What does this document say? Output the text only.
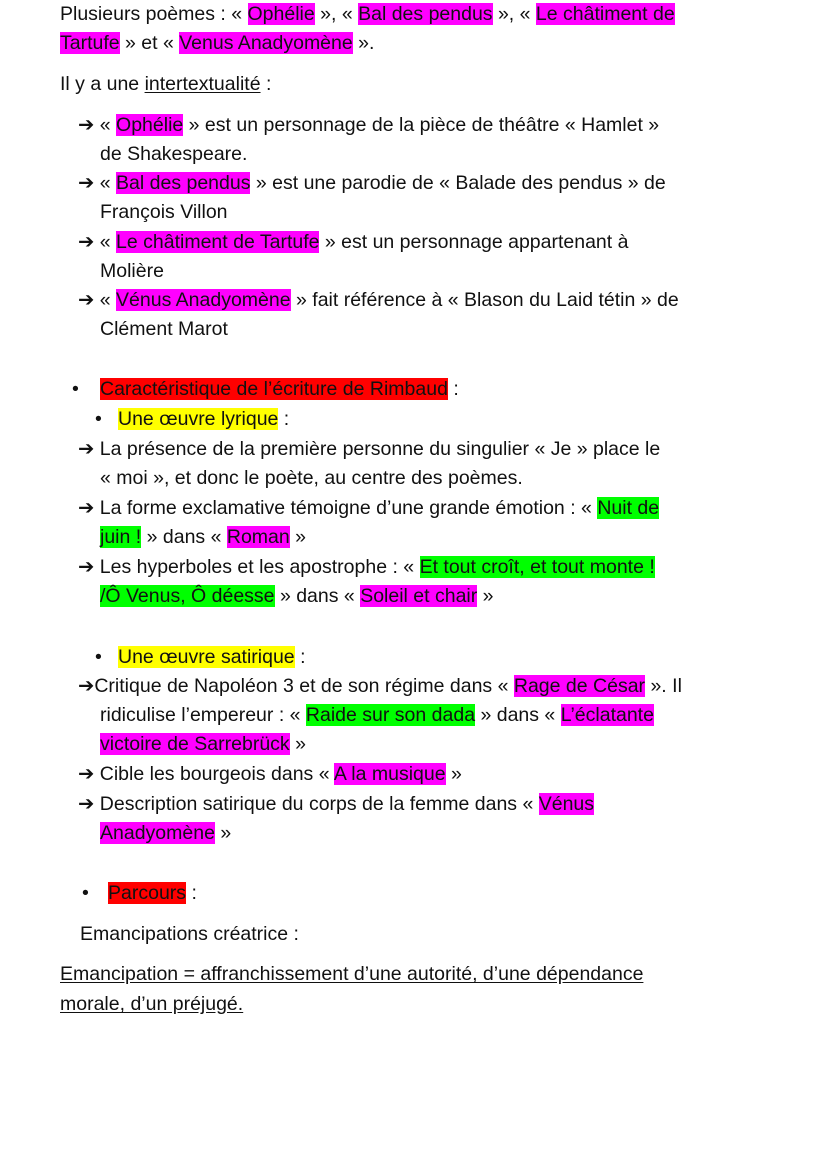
Plusieurs poèmes : « Ophélie », « Bal des pendus », « Le châtiment de
Tartufe » et « Venus Anadyomène ».
Il y a une intertextualité :
➔ « Ophélie » est un personnage de la pièce de théâtre « Hamlet »
de Shakespeare.
➔ « Bal des pendus » est une parodie de « Balade des pendus » de
François Villon
➔ « Le châtiment de Tartufe » est un personnage appartenant à
Molière
➔ « Vénus Anadyomène » fait référence à « Blason du Laid tétin » de
Clément Marot
• Caractéristique de l’écriture de Rimbaud :
• Une œuvre lyrique :
➔ La présence de la première personne du singulier « Je » place le
« moi », et donc le poète, au centre des poèmes.
➔ La forme exclamative témoigne d’une grande émotion : « Nuit de
juin ! » dans « Roman »
➔ Les hyperboles et les apostrophe : « Et tout croît, et tout monte !
/Ô Venus, Ô déesse » dans « Soleil et chair »
• Une œuvre satirique :
➔Critique de Napoléon 3 et de son régime dans « Rage de César ». Il
ridiculise l’empereur : « Raide sur son dada » dans « L’éclatante
victoire de Sarrebrück »
➔ Cible les bourgeois dans « A la musique »
➔ Description satirique du corps de la femme dans « Vénus
Anadyomène »
• Parcours :
Emancipations créatrice :
Emancipation = affranchissement d’une autorité, d’une dépendance
morale, d’un préjugé.
